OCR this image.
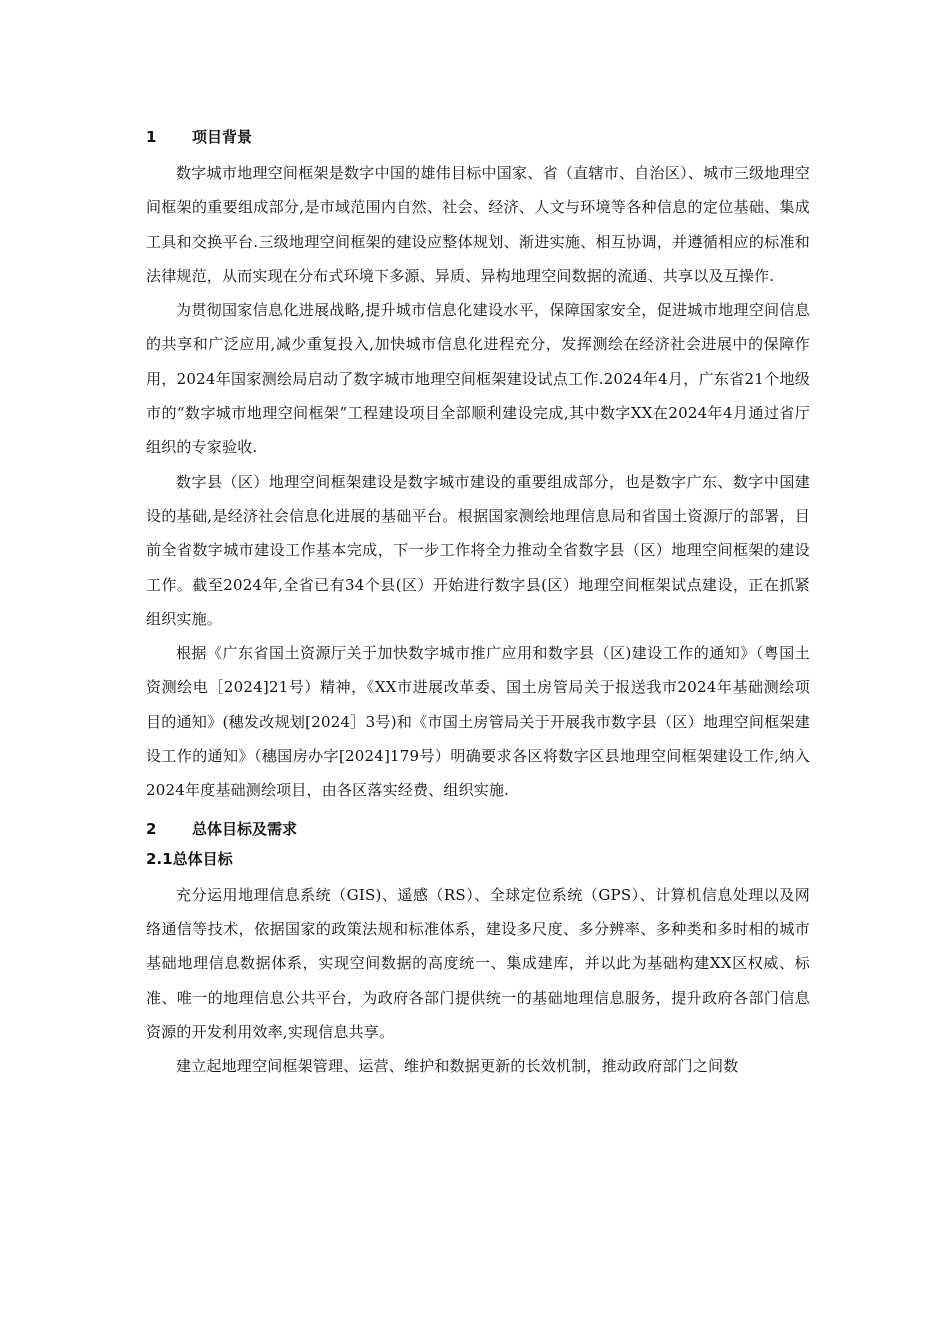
1 项目背景

数字城市地理空间框架是数字中国的雄伟目标中国家、省（直辖市、自治区）、城市三级地理空间框架的重要组成部分,是市域范围内自然、社会、经济、人文与环境等各种信息的定位基础、集成工具和交换平台.三级地理空间框架的建设应整体规划、渐进实施、相互协调，并遵循相应的标准和法律规范，从而实现在分布式环境下多源、异质、异构地理空间数据的流通、共享以及互操作.

为贯彻国家信息化进展战略,提升城市信息化建设水平，保障国家安全，促进城市地理空间信息的共享和广泛应用,减少重复投入,加快城市信息化进程充分，发挥测绘在经济社会进展中的保障作用，2024年国家测绘局启动了数字城市地理空间框架建设试点工作.2024年4月，广东省21个地级市的“数字城市地理空间框架”工程建设项目全部顺利建设完成,其中数字XX在2024年4月通过省厅组织的专家验收.

数字县（区）地理空间框架建设是数字城市建设的重要组成部分，也是数字广东、数字中国建设的基础,是经济社会信息化进展的基础平台。根据国家测绘地理信息局和省国土资源厅的部署，目前全省数字城市建设工作基本完成，下一步工作将全力推动全省数字县（区）地理空间框架的建设工作。截至2024年,全省已有34个县(区）开始进行数字县(区）地理空间框架试点建设，正在抓紧组织实施。

根据《广东省国土资源厅关于加快数字城市推广应用和数字县（区)建设工作的通知》（粤国土资测绘电［2024]21号）精神，《XX市进展改革委、国土房管局关于报送我市2024年基础测绘项目的通知》(穗发改规划[2024］3号)和《市国土房管局关于开展我市数字县（区）地理空间框架建设工作的通知》（穗国房办字[2024]179号）明确要求各区将数字区县地理空间框架建设工作,纳入2024年度基础测绘项目，由各区落实经费、组织实施.

2 总体目标及需求
2.1总体目标

充分运用地理信息系统（GIS)、遥感（RS）、全球定位系统（GPS）、计算机信息处理以及网络通信等技术，依据国家的政策法规和标准体系，建设多尺度、多分辨率、多种类和多时相的城市基础地理信息数据体系，实现空间数据的高度统一、集成建库，并以此为基础构建XX区权威、标准、唯一的地理信息公共平台，为政府各部门提供统一的基础地理信息服务，提升政府各部门信息资源的开发利用效率,实现信息共享。

建立起地理空间框架管理、运营、维护和数据更新的长效机制，推动政府部门之间数
